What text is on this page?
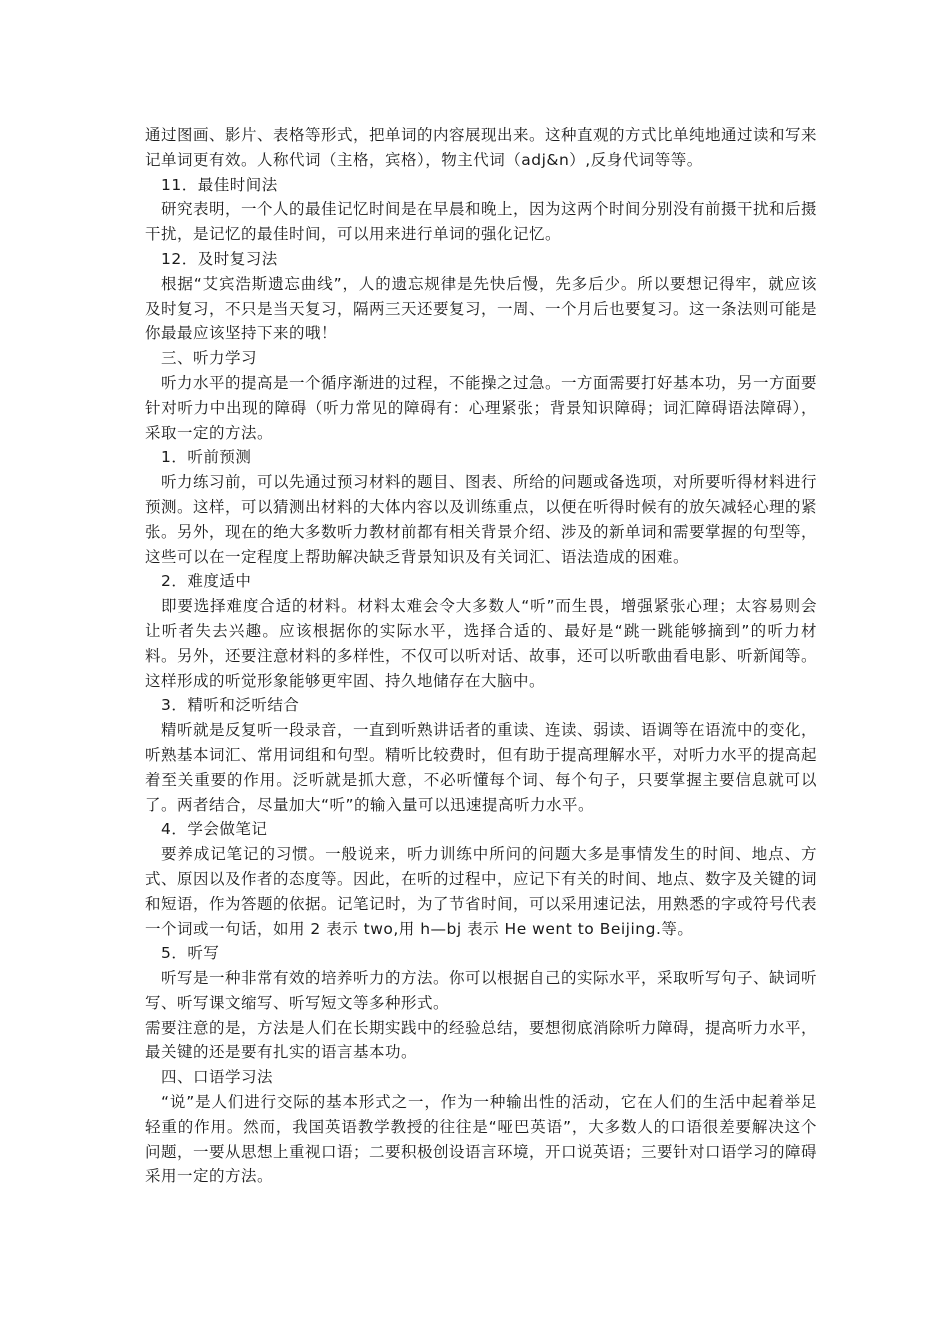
通过图画、影片、表格等形式，把单词的内容展现出来。这种直观的方式比单纯地通过读和写来记单词更有效。人称代词（主格，宾格），物主代词（adj&n）,反身代词等等。

11．最佳时间法

研究表明，一个人的最佳记忆时间是在早晨和晚上，因为这两个时间分别没有前摄干扰和后摄干扰，是记忆的最佳时间，可以用来进行单词的强化记忆。

12．及时复习法

根据“艾宾浩斯遗忘曲线”，人的遗忘规律是先快后慢，先多后少。所以要想记得牢，就应该及时复习，不只是当天复习，隔两三天还要复习，一周、一个月后也要复习。这一条法则可能是你最最应该坚持下来的哦！

三、听力学习

听力水平的提高是一个循序渐进的过程，不能操之过急。一方面需要打好基本功，另一方面要针对听力中出现的障碍（听力常见的障碍有：心理紧张；背景知识障碍；词汇障碍语法障碍），采取一定的方法。

1．听前预测

听力练习前，可以先通过预习材料的题目、图表、所给的问题或备选项，对所要听得材料进行预测。这样，可以猜测出材料的大体内容以及训练重点，以便在听得时候有的放矢减轻心理的紧张。另外，现在的绝大多数听力教材前都有相关背景介绍、涉及的新单词和需要掌握的句型等，这些可以在一定程度上帮助解决缺乏背景知识及有关词汇、语法造成的困难。

2．难度适中

即要选择难度合适的材料。材料太难会令大多数人“听”而生畏，增强紧张心理；太容易则会让听者失去兴趣。应该根据你的实际水平，选择合适的、最好是“跳一跳能够摘到”的听力材料。另外，还要注意材料的多样性，不仅可以听对话、故事，还可以听歌曲看电影、听新闻等。这样形成的听觉形象能够更牢固、持久地储存在大脑中。

3．精听和泛听结合

精听就是反复听一段录音，一直到听熟讲话者的重读、连读、弱读、语调等在语流中的变化，听熟基本词汇、常用词组和句型。精听比较费时，但有助于提高理解水平，对听力水平的提高起着至关重要的作用。泛听就是抓大意，不必听懂每个词、每个句子，只要掌握主要信息就可以了。两者结合，尽量加大“听”的输入量可以迅速提高听力水平。

4．学会做笔记

要养成记笔记的习惯。一般说来，听力训练中所问的问题大多是事情发生的时间、地点、方式、原因以及作者的态度等。因此，在听的过程中，应记下有关的时间、地点、数字及关键的词和短语，作为答题的依据。记笔记时，为了节省时间，可以采用速记法，用熟悉的字或符号代表一个词或一句话，如用 2 表示 two,用 h—bj 表示 He went to Beijing.等。

5．听写

听写是一种非常有效的培养听力的方法。你可以根据自己的实际水平，采取听写句子、缺词听写、听写课文缩写、听写短文等多种形式。

需要注意的是，方法是人们在长期实践中的经验总结，要想彻底消除听力障碍，提高听力水平，最关键的还是要有扎实的语言基本功。

四、口语学习法

“说”是人们进行交际的基本形式之一，作为一种输出性的活动，它在人们的生活中起着举足轻重的作用。然而，我国英语教学教授的往往是“哑巴英语”，大多数人的口语很差要解决这个问题，一要从思想上重视口语；二要积极创设语言环境，开口说英语；三要针对口语学习的障碍采用一定的方法。
